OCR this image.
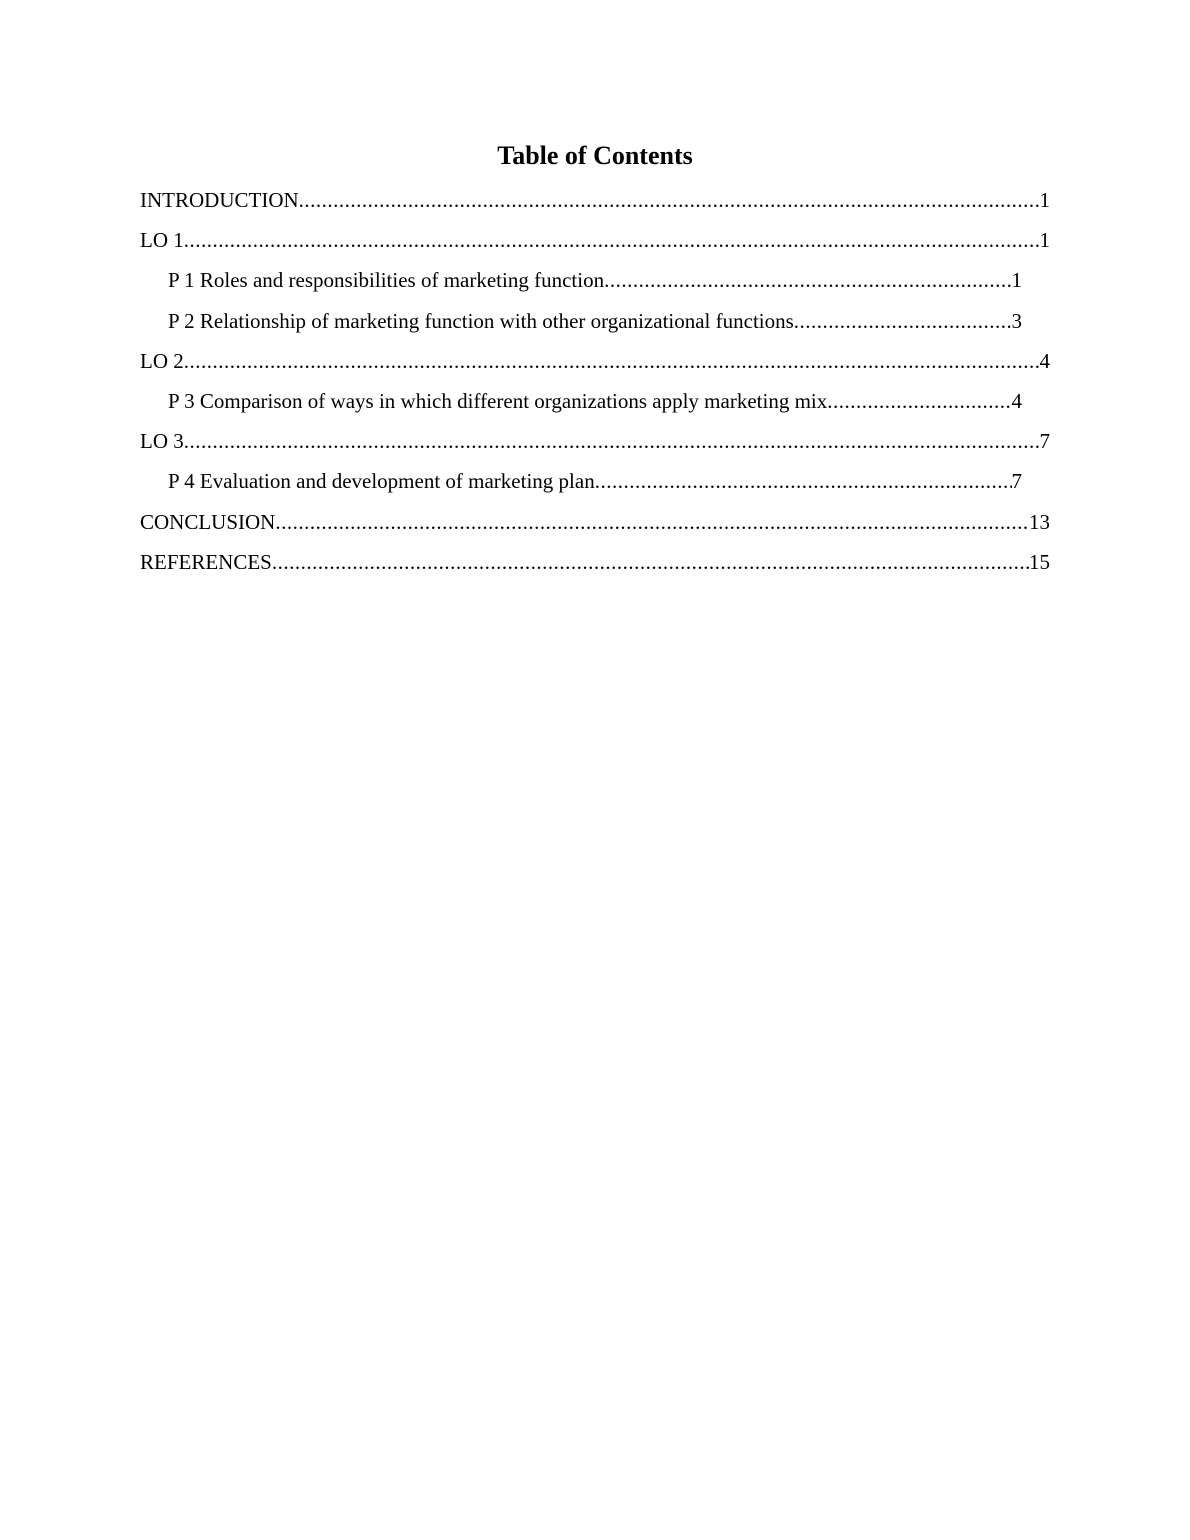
Table of Contents
INTRODUCTION .....	1
LO 1 .....	1
P 1 Roles and responsibilities of marketing function .....	1
P 2 Relationship of marketing function with other organizational functions .....	3
LO 2 .....	4
P 3 Comparison of ways in which different organizations apply marketing mix .....	4
LO 3 .....	7
P 4 Evaluation and development of marketing plan .....	7
CONCLUSION .....	13
REFERENCES .....	15
